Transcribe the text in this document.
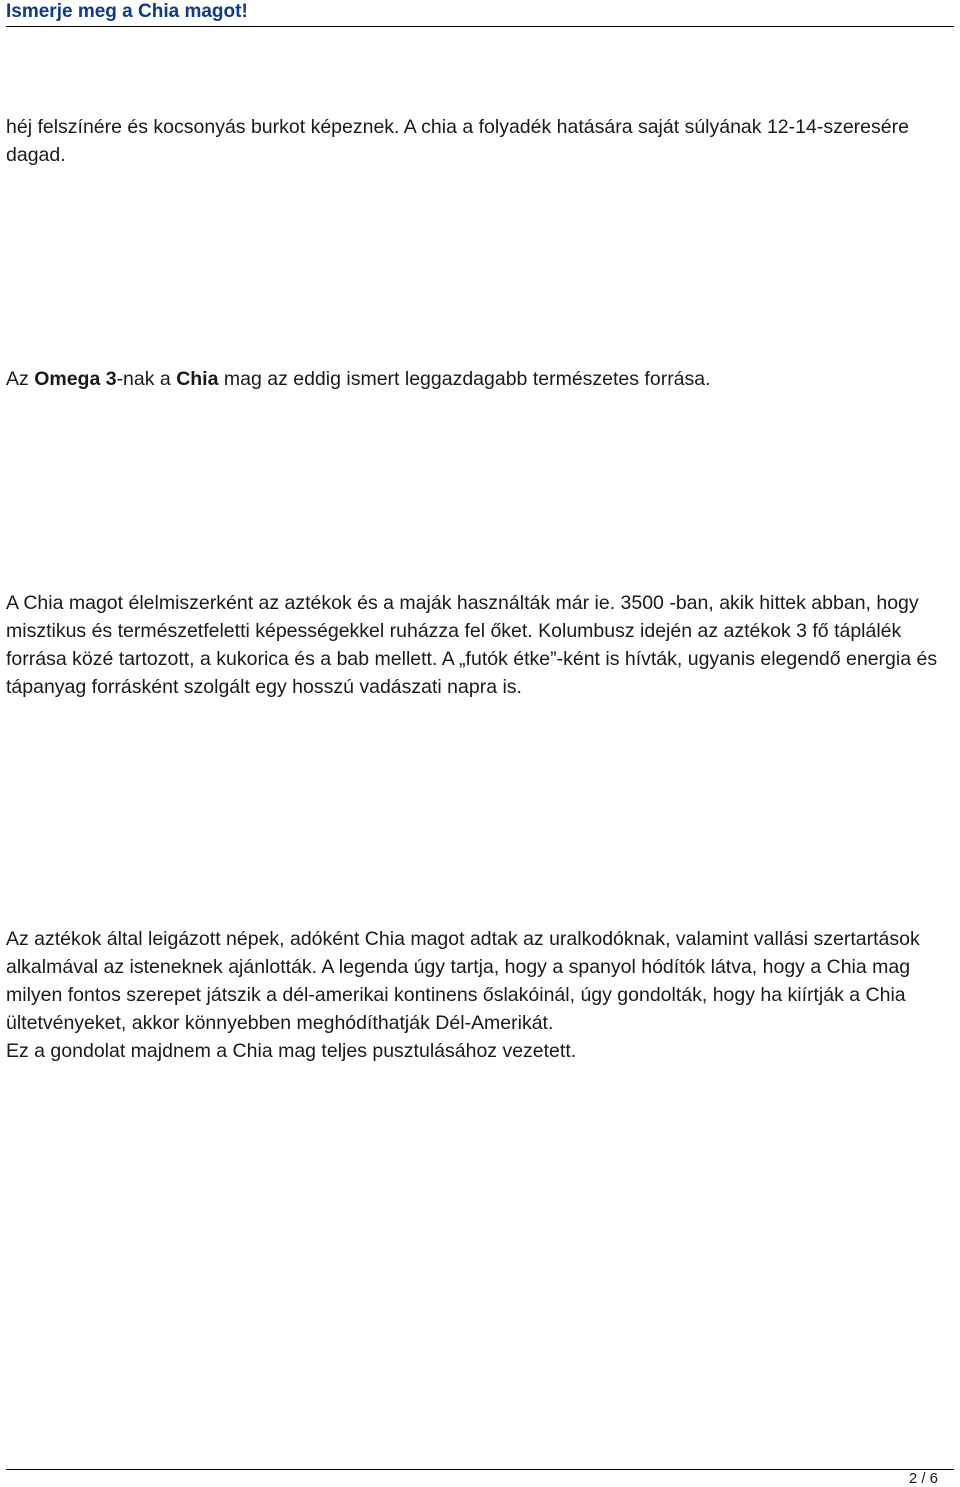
Ismerje meg a Chia magot!

héj felszínére és kocsonyás burkot képeznek. A chia a folyadék hatására saját súlyának 12-14-szeresére dagad.

Az Omega 3-nak a Chia mag az eddig ismert leggazdagabb természetes forrása.

A Chia magot élelmiszerként az aztékok és a maják használták már ie. 3500 -ban, akik hittek abban, hogy misztikus és természetfeletti képességekkel ruházza fel őket. Kolumbusz idején az aztékok 3 fő táplálék forrása közé tartozott, a kukorica és a bab mellett. A „futók étke”-ként is hívták, ugyanis elegendő energia és tápanyag forrásként szolgált egy hosszú vadászati napra is.

Az aztékok által leigázott népek, adóként Chia magot adtak az uralkodóknak, valamint vallási szertartások alkalmával az isteneknek ajánlották. A legenda úgy tartja, hogy a spanyol hódítók látva, hogy a Chia mag milyen fontos szerepet játszik a dél-amerikai kontinens őslakóinál, úgy gondolták, hogy ha kiírtják a Chia ültetvényeket, akkor könnyebben meghódíthatják Dél-Amerikát.
Ez a gondolat majdnem a Chia mag teljes pusztulásához vezetett.
2 / 6
